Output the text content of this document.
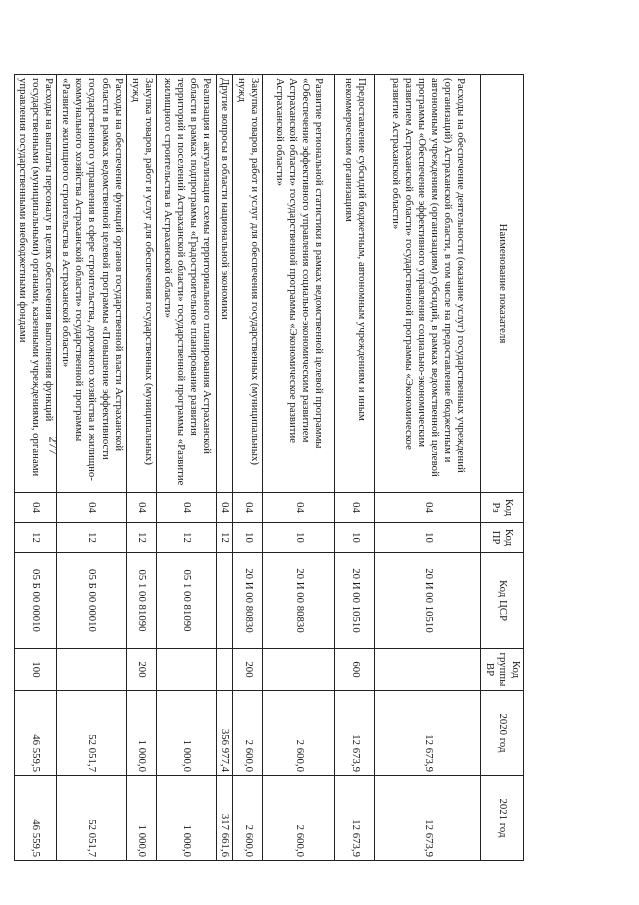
277
Наименование показателя	Код Рз	Код ПР	Код ЦСР	Код группы ВР	2020 год	2021 год
Расходы на обеспечение деятельности (оказание услуг) государственных учреждений (организаций) Астраханской области, в том числе на предоставление бюджетным и автономным учреждениям (организациям) субсидий, в рамках ведомственной целевой программы «Обеспечение эффективного управления социально-экономическим развитием Астраханской области» государственной программы «Экономическое развитие Астраханской области»	04	10	20 И 00 10510		12 673,9	12 673,9
Предоставление субсидий бюджетным, автономным учреждениям и иным некоммерческим организациям	04	10	20 И 00 10510	600	12 673,9	12 673,9
Развитие региональной статистики в рамках ведомственной целевой программы «Обеспечение эффективного управления социально-экономическим развитием Астраханской области» государственной программы «Экономическое развитие Астраханской области»	04	10	20 И 00 80830		2 600,0	2 600,0
Закупка товаров, работ и услуг для обеспечения государственных (муниципальных) нужд	04	10	20 И 00 80830	200	2 600,0	2 600,0
Другие вопросы в области национальной экономики	04	12			356 977,4	317 661,6
Реализация и актуализация схемы территориального планирования Астраханской области в рамках подпрограммы «Градостроительное планирование развития территорий и поселений Астраханской области» государственной программы «Развитие жилищного строительства в Астраханской области»	04	12	05 1 00 81090		1 000,0	1 000,0
Закупка товаров, работ и услуг для обеспечения государственных (муниципальных) нужд	04	12	05 1 00 81090	200	1 000,0	1 000,0
Расходы на обеспечение функций органов государственной власти Астраханской области в рамках ведомственной целевой программы «Повышение эффективности государственного управления в сфере строительства, дорожного хозяйства и жилищно-коммунального хозяйства Астраханской области» государственной программы «Развитие жилищного строительства в Астраханской области»	04	12	05 Б 00 00010		52 051,7	52 051,7
Расходы на выплаты персоналу в целях обеспечения выполнения функций государственными (муниципальными) органами, казенными учреждениями, органами управления государственными внебюджетными фондами	04	12	05 Б 00 00010	100	46 559,5	46 559,5
